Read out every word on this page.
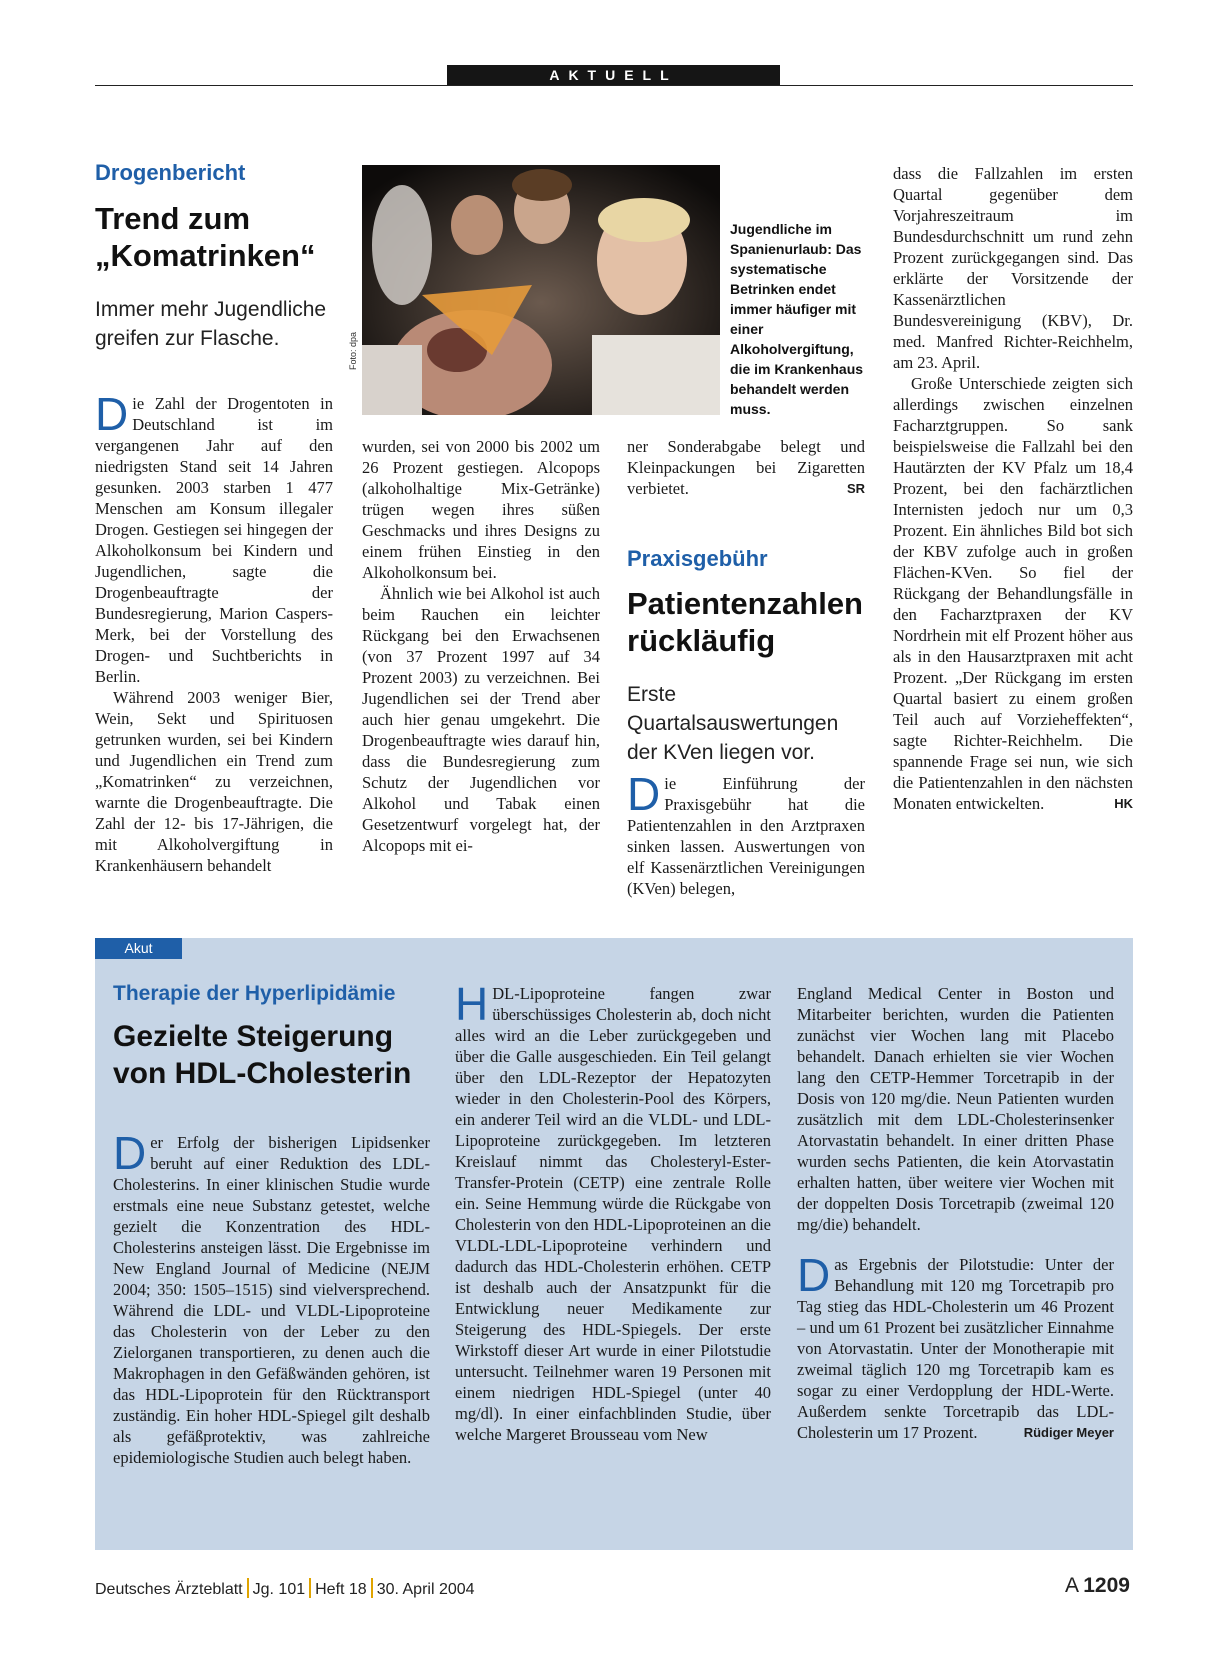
AKTUELL
Drogenbericht
Trend zum „Komatrinken“
Immer mehr Jugendliche greifen zur Flasche.

Die Zahl der Drogentoten in Deutschland ist im vergangenen Jahr auf den niedrigsten Stand seit 14 Jahren gesunken. 2003 starben 1 477 Menschen am Konsum illegaler Drogen. Gestiegen sei hingegen der Alkoholkonsum bei Kindern und Jugendlichen, sagte die Drogenbeauftragte der Bundesregierung, Marion Caspers-Merk, bei der Vorstellung des Drogen- und Suchtberichts in Berlin.

Während 2003 weniger Bier, Wein, Sekt und Spirituosen getrunken wurden, sei bei Kindern und Jugendlichen ein Trend zum „Komatrinken“ zu verzeichnen, warnte die Drogenbeauftragte. Die Zahl der 12- bis 17-Jährigen, die mit Alkoholvergiftung in Krankenhäusern behandelt

Foto: dpa
Jugendliche im Spanienurlaub: Das systematische Betrinken endet immer häufiger mit einer Alkoholvergiftung, die im Krankenhaus behandelt werden muss.

wurden, sei von 2000 bis 2002 um 26 Prozent gestiegen. Alcopops (alkoholhaltige Mix-Getränke) trügen wegen ihres süßen Geschmacks und ihres Designs zu einem frühen Einstieg in den Alkoholkonsum bei.

Ähnlich wie bei Alkohol ist auch beim Rauchen ein leichter Rückgang bei den Erwachsenen (von 37 Prozent 1997 auf 34 Prozent 2003) zu verzeichnen. Bei Jugendlichen sei der Trend aber auch hier genau umgekehrt. Die Drogenbeauftragte wies darauf hin, dass die Bundesregierung zum Schutz der Jugendlichen vor Alkohol und Tabak einen Gesetzentwurf vorgelegt hat, der Alcopops mit ei-

ner Sonderabgabe belegt und Kleinpackungen bei Zigaretten verbietet.	SR

Praxisgebühr
Patientenzahlen rückläufig
Erste Quartalsauswertungen der KVen liegen vor.

Die Einführung der Praxisgebühr hat die Patientenzahlen in den Arztpraxen sinken lassen. Auswertungen von elf Kassenärztlichen Vereinigungen (KVen) belegen,

dass die Fallzahlen im ersten Quartal gegenüber dem Vorjahreszeitraum im Bundesdurchschnitt um rund zehn Prozent zurückgegangen sind. Das erklärte der Vorsitzende der Kassenärztlichen Bundesvereinigung (KBV), Dr. med. Manfred Richter-Reichhelm, am 23. April.

Große Unterschiede zeigten sich allerdings zwischen einzelnen Facharztgruppen. So sank beispielsweise die Fallzahl bei den Hautärzten der KV Pfalz um 18,4 Prozent, bei den fachärztlichen Internisten jedoch nur um 0,3 Prozent. Ein ähnliches Bild bot sich der KBV zufolge auch in großen Flächen-KVen. So fiel der Rückgang der Behandlungsfälle in den Facharztpraxen der KV Nordrhein mit elf Prozent höher aus als in den Hausarztpraxen mit acht Prozent. „Der Rückgang im ersten Quartal basiert zu einem großen Teil auch auf Vorzieheffekten“, sagte Richter-Reichhelm. Die spannende Frage sei nun, wie sich die Patientenzahlen in den nächsten Monaten entwickelten.	HK

Akut
Therapie der Hyperlipidämie
Gezielte Steigerung von HDL-Cholesterin

Der Erfolg der bisherigen Lipidsenker beruht auf einer Reduktion des LDL-Cholesterins. In einer klinischen Studie wurde erstmals eine neue Substanz getestet, welche gezielt die Konzentration des HDL-Cholesterins ansteigen lässt. Die Ergebnisse im New England Journal of Medicine (NEJM 2004; 350: 1505–1515) sind vielversprechend. Während die LDL- und VLDL-Lipoproteine das Cholesterin von der Leber zu den Zielorganen transportieren, zu denen auch die Makrophagen in den Gefäßwänden gehören, ist das HDL-Lipoprotein für den Rücktransport zuständig. Ein hoher HDL-Spiegel gilt deshalb als gefäßprotektiv, was zahlreiche epidemiologische Studien auch belegt haben.

HDL-Lipoproteine fangen zwar überschüssiges Cholesterin ab, doch nicht alles wird an die Leber zurückgegeben und über die Galle ausgeschieden. Ein Teil gelangt über den LDL-Rezeptor der Hepatozyten wieder in den Cholesterin-Pool des Körpers, ein anderer Teil wird an die VLDL- und LDL-Lipoproteine zurückgegeben. Im letzteren Kreislauf nimmt das Cholesteryl-Ester-Transfer-Protein (CETP) eine zentrale Rolle ein. Seine Hemmung würde die Rückgabe von Cholesterin von den HDL-Lipoproteinen an die VLDL-LDL-Lipoproteine verhindern und dadurch das HDL-Cholesterin erhöhen. CETP ist deshalb auch der Ansatzpunkt für die Entwicklung neuer Medikamente zur Steigerung des HDL-Spiegels. Der erste Wirkstoff dieser Art wurde in einer Pilotstudie untersucht. Teilnehmer waren 19 Personen mit einem niedrigen HDL-Spiegel (unter 40 mg/dl). In einer einfachblinden Studie, über welche Margeret Brousseau vom New

England Medical Center in Boston und Mitarbeiter berichten, wurden die Patienten zunächst vier Wochen lang mit Placebo behandelt. Danach erhielten sie vier Wochen lang den CETP-Hemmer Torcetrapib in der Dosis von 120 mg/die. Neun Patienten wurden zusätzlich mit dem LDL-Cholesterinsenker Atorvastatin behandelt. In einer dritten Phase wurden sechs Patienten, die kein Atorvastatin erhalten hatten, über weitere vier Wochen mit der doppelten Dosis Torcetrapib (zweimal 120 mg/die) behandelt.

Das Ergebnis der Pilotstudie: Unter der Behandlung mit 120 mg Torcetrapib pro Tag stieg das HDL-Cholesterin um 46 Prozent – und um 61 Prozent bei zusätzlicher Einnahme von Atorvastatin. Unter der Monotherapie mit zweimal täglich 120 mg Torcetrapib kam es sogar zu einer Verdopplung der HDL-Werte. Außerdem senkte Torcetrapib das LDL-Cholesterin um 17 Prozent.	Rüdiger Meyer

Deutsches Ärzteblatt Jg. 101 Heft 18 30. April 2004	A  1209
